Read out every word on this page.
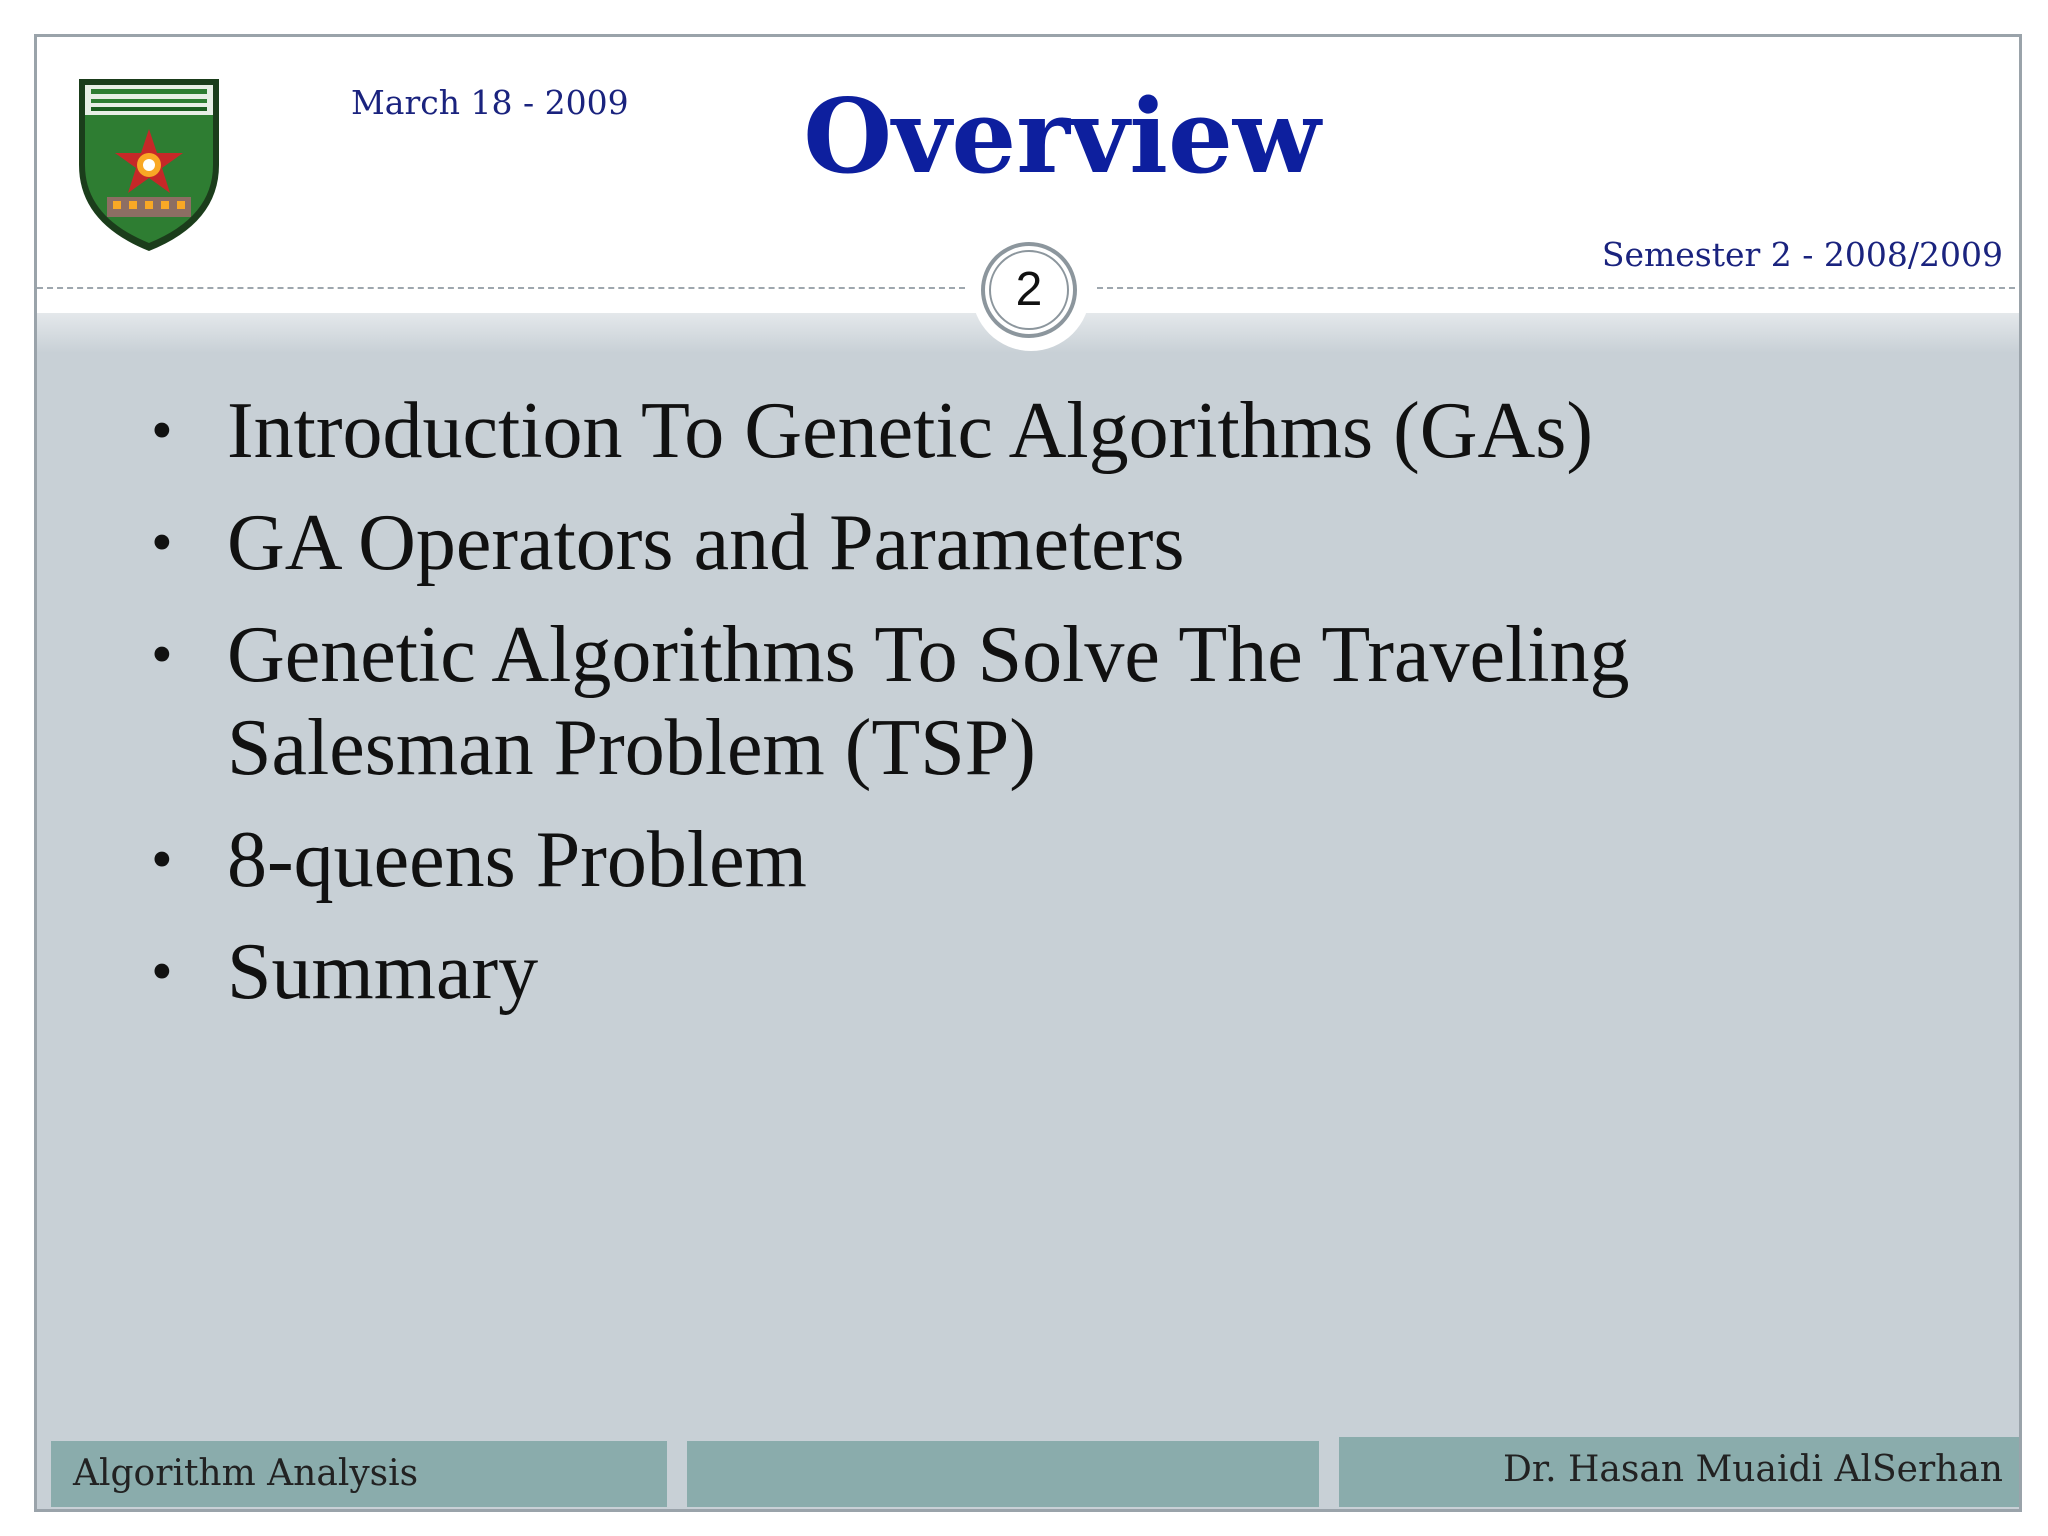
March 18 - 2009	Overview
Semester 2 - 2008/2009
2
• Introduction To Genetic Algorithms (GAs)
• GA Operators and Parameters
• Genetic Algorithms To Solve The Traveling Salesman Problem (TSP)
• 8-queens Problem
• Summary
Algorithm Analysis	Dr. Hasan Muaidi AlSerhan
